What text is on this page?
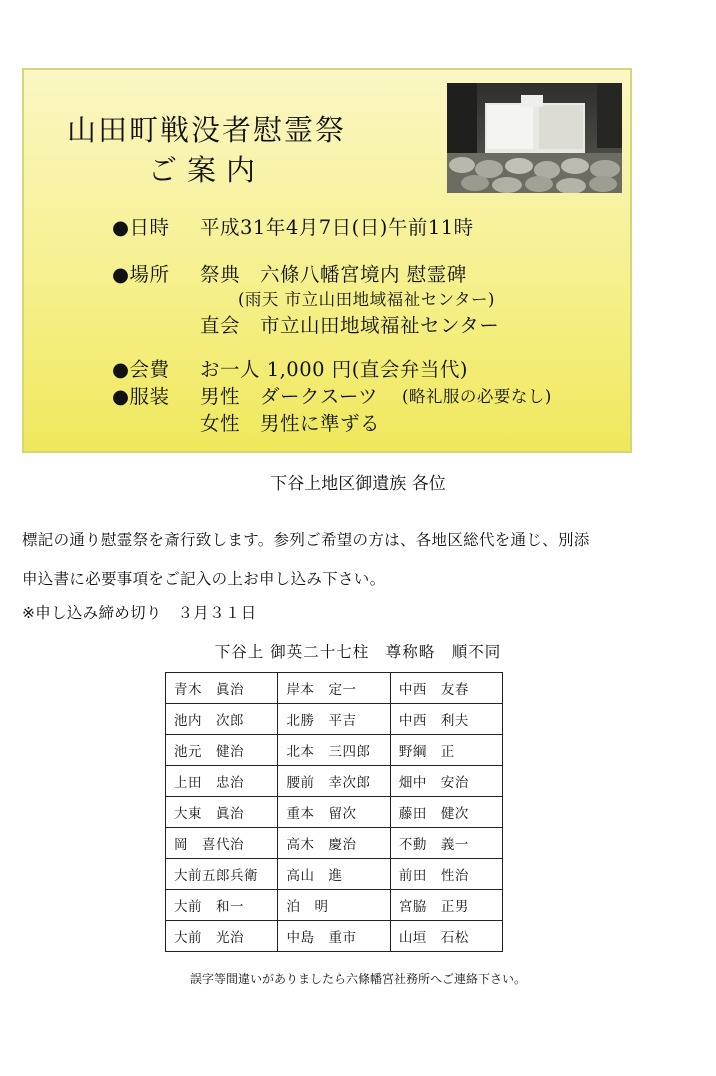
山田町戦没者慰霊祭
ご案内
●日時 平成31年4月7日(日)午前11時
●場所 祭典　六條八幡宮境内 慰霊碑
(雨天 市立山田地域福祉センター)
直会　市立山田地域福祉センター
●会費 お一人 1,000 円(直会弁当代)
●服装 男性　ダークスーツ (略礼服の必要なし)
女性　男性に準ずる
下谷上地区御遺族 各位
標記の通り慰霊祭を斎行致します。参列ご希望の方は、各地区総代を通じ、別添
申込書に必要事項をご記入の上お申し込み下さい。
※申し込み締め切り　３月３１日
下谷上 御英二十七柱　尊称略　順不同
青木　眞治	岸本　定一	中西　友春
池内　次郎	北勝　平吉	中西　利夫
池元　健治	北本　三四郎	野綱　正
上田　忠治	腰前　幸次郎	畑中　安治
大東　眞治	重本　留次	藤田　健次
岡　喜代治	高木　慶治	不動　義一
大前五郎兵衛	高山　進	前田　性治
大前　和一	泊　明	宮脇　正男
大前　光治	中島　重市	山垣　石松
誤字等間違いがありましたら六條幡宮社務所へご連絡下さい。
